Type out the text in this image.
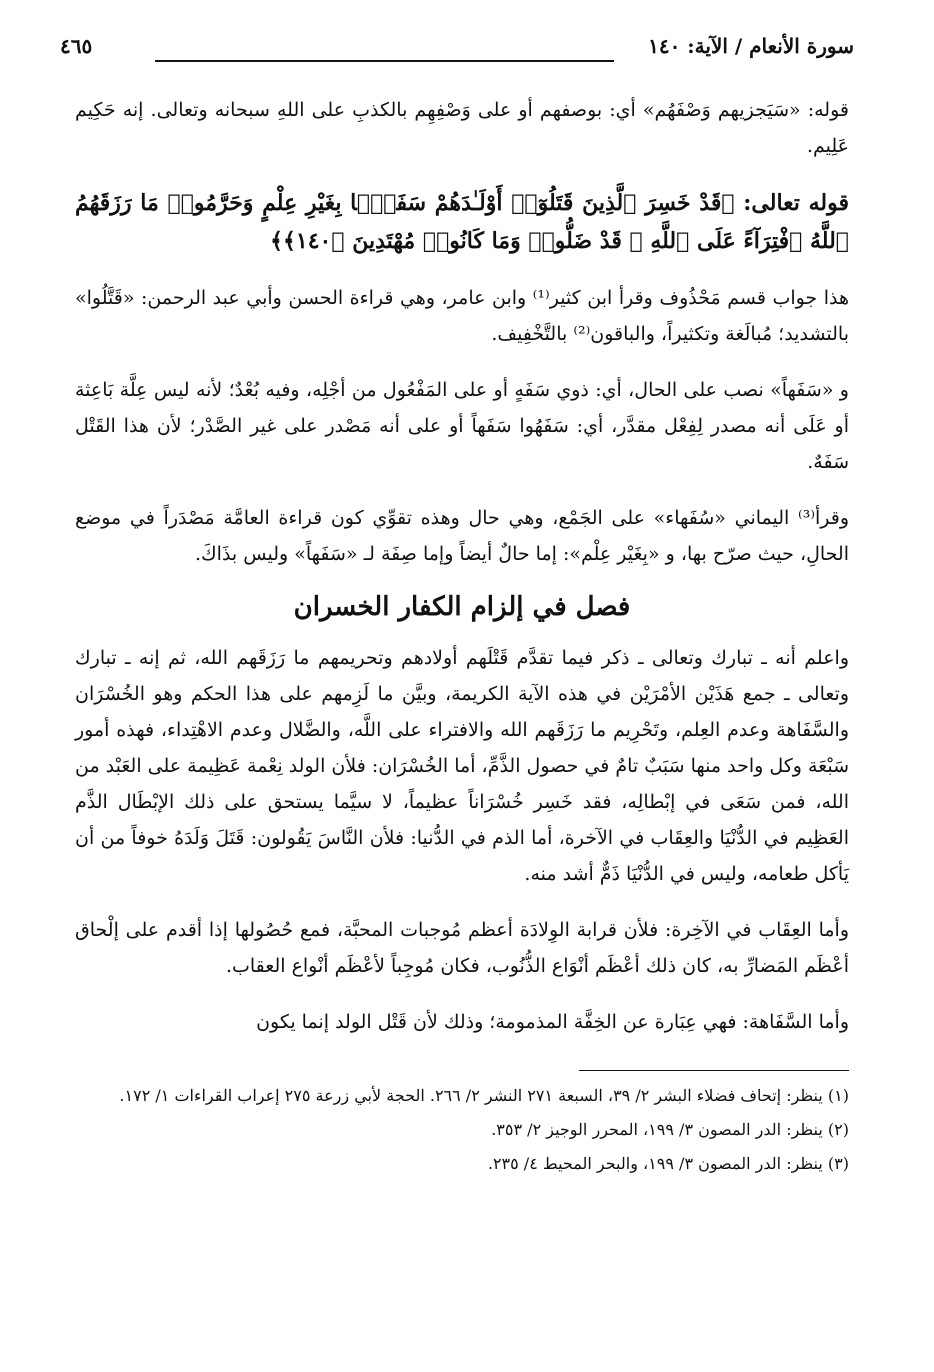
سورة الأنعام / الآية: ١٤٠
٤٦٥

قوله: «سَيَجزيهم وَصْفَهُم» أي: بوصفهم أو على وَصْفِهِم بالكذبِ على اللهِ سبحانه وتعالى. إنه حَكِيم عَلِيم.

قوله تعالى: ﴿قَدْ خَسِرَ ٱلَّذِينَ قَتَلُوٓا۟ أَوْلَـٰدَهُمْ سَفَهًۢا بِغَيْرِ عِلْمٍ وَحَرَّمُوا۟ مَا رَزَقَهُمُ ٱللَّهُ ٱفْتِرَآءً عَلَى ٱللَّهِ ۚ قَدْ ضَلُّوا۟ وَمَا كَانُوا۟ مُهْتَدِينَ ﴿١٤٠﴾﴾

هذا جواب قسم مَحْذُوف وقرأ ابن كثير⁽¹⁾ وابن عامر، وهي قراءة الحسن وأبي عبد الرحمن: «قَتَّلُوا» بالتشديد؛ مُبالَغة وتكثيراً، والباقون⁽²⁾ بالتَّخْفِيف.

و «سَفَهاً» نصب على الحال، أي: ذوي سَفَهٍ أو على المَفْعُول من أجْلِه، وفيه بُعْدٌ؛ لأنه ليس عِلَّة بَاعِثة أو عَلَى أنه مصدر لِفِعْل مقدَّر، أي: سَفَهُوا سَفَهاً أو على أنه مَصْدر على غير الصَّدْر؛ لأن هذا القَتْل سَفَهٌ.

وقرأ⁽³⁾ اليماني «سُفَهاء» على الجَمْع، وهي حال وهذه تقوِّي كون قراءة العامَّة مَصْدَراً في موضع الحالِ، حيث صرّح بها، و «بِغَيْر عِلْم»: إما حالٌ أيضاً وإما صِفَة لـ «سَفَهاً» وليس بذَاكَ.

فصل في إلزام الكفار الخسران

واعلم أنه ـ تبارك وتعالى ـ ذكر فيما تقدَّم قَتْلَهم أولادهم وتحريمهم ما رَزَقَهم الله، ثم إنه ـ تبارك وتعالى ـ جمع هَذَيْن الأمْرَيْن في هذه الآية الكريمة، وبيَّن ما لَزِمهم على هذا الحكم وهو الخُسْرَان والسَّفَاهة وعدم العِلم، وتَحْرِيم ما رَزَقَهم الله والافتراء على اللَّه، والضَّلال وعدم الاهْتِداء، فهذه أمور سَبْعَة وكل واحد منها سَبَبٌ تامٌ في حصول الذَّمِّ، أما الخُسْرَان: فلأن الولد نِعْمة عَظِيمة على العَبْد من الله، فمن سَعَى في إبْطالِه، فقد خَسِر خُسْرَاناً عظيماً، لا سيَّما يستحق على ذلك الإبْطَال الذَّم العَظِيم في الدُّنْيَا والعِقَاب في الآخرة، أما الذم في الدُّنيا: فلأن النَّاسَ يَقُولون: قَتَلَ وَلَدَهُ خوفاً من أن يَأكل طعامه، وليس في الدُّنْيَا ذَمٌّ أشد منه.

وأما العِقَاب في الآخِرة: فلأن قرابة الوِلادَة أعظم مُوجبات المحبَّة، فمع حُصُولها إذا أقدم على إلْحاق أعْظَم المَضارِّ به، كان ذلك أعْظَم أنْوَاع الذُّنُوب، فكان مُوجِباً لأعْظَم أنْواع العقاب.

وأما السَّفَاهة: فهي عِبَارة عن الخِفَّة المذمومة؛ وذلك لأن قَتْل الولد إنما يكون

(١) ينظر: إتحاف فضلاء البشر ٢/ ٣٩، السبعة ٢٧١ النشر ٢/ ٢٦٦. الحجة لأبي زرعة ٢٧٥ إعراب القراءات ١/ ١٧٢.

(٢) ينظر: الدر المصون ٣/ ١٩٩، المحرر الوجيز ٢/ ٣٥٣.

(٣) ينظر: الدر المصون ٣/ ١٩٩، والبحر المحيط ٤/ ٢٣٥.
